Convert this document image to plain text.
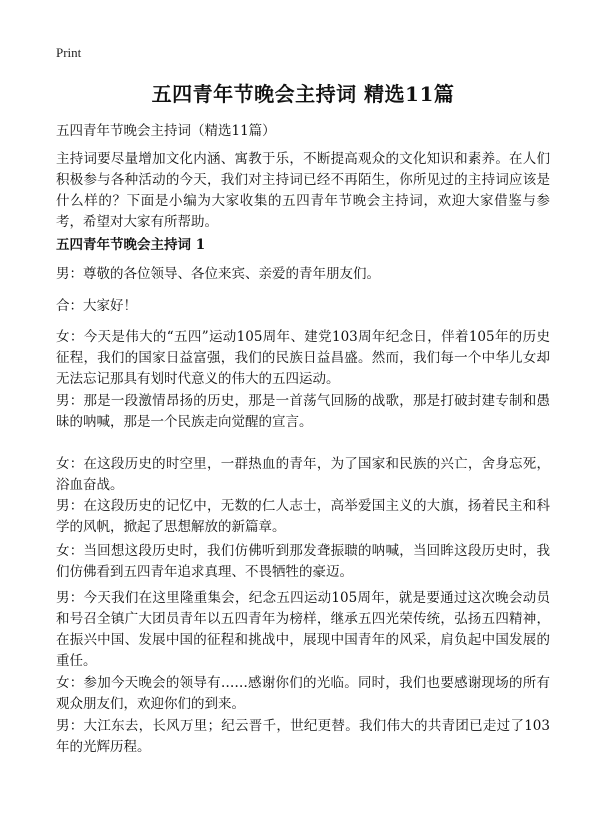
Print
五四青年节晚会主持词 精选11篇
五四青年节晚会主持词（精选11篇）

主持词要尽量增加文化内涵、寓教于乐，不断提高观众的文化知识和素养。在人们积极参与各种活动的今天，我们对主持词已经不再陌生，你所见过的主持词应该是什么样的？下面是小编为大家收集的五四青年节晚会主持词，欢迎大家借鉴与参考，希望对大家有所帮助。

五四青年节晚会主持词 1

男：尊敬的各位领导、各位来宾、亲爱的青年朋友们。

合：大家好！

女：今天是伟大的“五四”运动105周年、建党103周年纪念日，伴着105年的历史征程，我们的国家日益富强，我们的民族日益昌盛。然而，我们每一个中华儿女却无法忘记那具有划时代意义的伟大的五四运动。

男：那是一段激情昂扬的历史，那是一首荡气回肠的战歌，那是打破封建专制和愚昧的呐喊，那是一个民族走向觉醒的宣言。

女：在这段历史的时空里，一群热血的青年，为了国家和民族的兴亡，舍身忘死，浴血奋战。

男：在这段历史的记忆中，无数的仁人志士，高举爱国主义的大旗，扬着民主和科学的风帆，掀起了思想解放的新篇章。

女：当回想这段历史时，我们仿佛听到那发聋振聩的呐喊，当回眸这段历史时，我们仿佛看到五四青年追求真理、不畏牺牲的豪迈。

男：今天我们在这里隆重集会，纪念五四运动105周年，就是要通过这次晚会动员和号召全镇广大团员青年以五四青年为榜样，继承五四光荣传统，弘扬五四精神，在振兴中国、发展中国的征程和挑战中，展现中国青年的风采，肩负起中国发展的重任。

女：参加今天晚会的领导有……感谢你们的光临。同时，我们也要感谢现场的所有观众朋友们，欢迎你们的到来。

男：大江东去，长风万里；纪云晋千，世纪更替。我们伟大的共青团已走过了103年的光辉历程。
